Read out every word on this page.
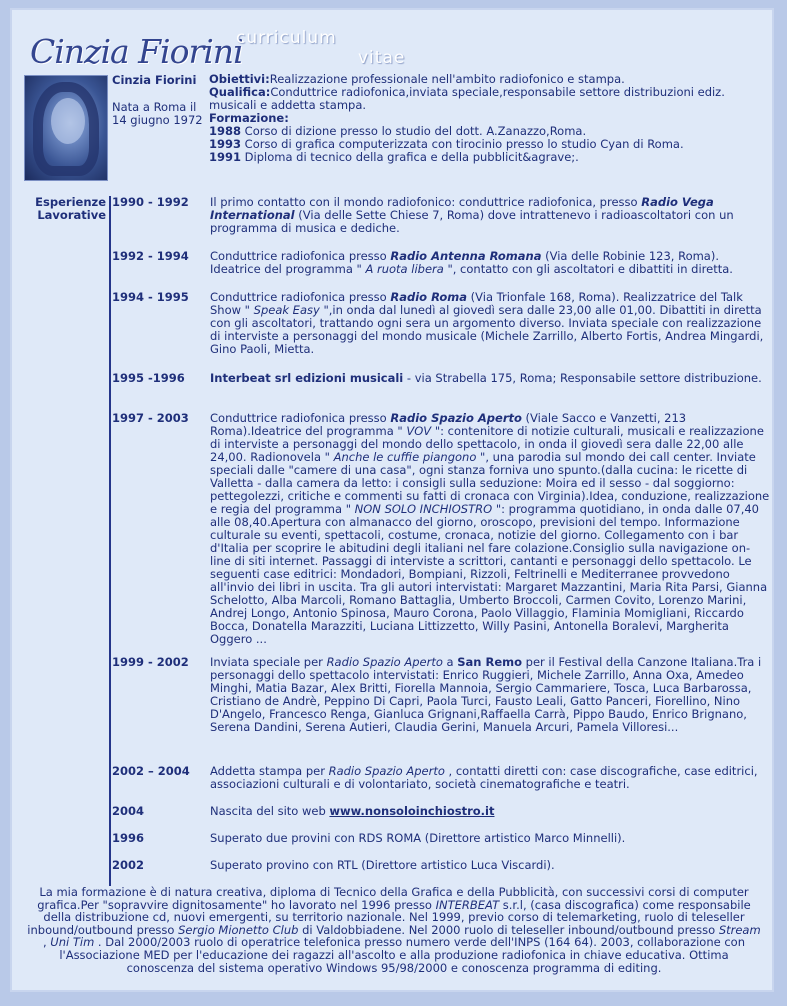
Cinzia Fiorini
curriculum
vitae
Cinzia Fiorini
Nata a Roma il 14 giugno 1972
Obiettivi:Realizzazione professionale nell'ambito radiofonico e stampa.
Qualifica:Conduttrice radiofonica,inviata speciale,responsabile settore distribuzioni ediz. musicali e addetta stampa.
Formazione:
1988 Corso di dizione presso lo studio del dott. A.Zanazzo,Roma.
1993 Corso di grafica computerizzata con tirocinio presso lo studio Cyan di Roma.
1991 Diploma di tecnico della grafica e della pubblicit&agrave;.
Esperienze Lavorative
1990 - 1992	Il primo contatto con il mondo radiofonico: conduttrice radiofonica, presso Radio Vega International (Via delle Sette Chiese 7, Roma) dove intrattenevo i radioascoltatori con un programma di musica e dediche.
1992 - 1994	Conduttrice radiofonica presso Radio Antenna Romana (Via delle Robinie 123, Roma). Ideatrice del programma " A ruota libera ", contatto con gli ascoltatori e dibattiti in diretta.
1994 - 1995	Conduttrice radiofonica presso Radio Roma (Via Trionfale 168, Roma). Realizzatrice del Talk Show " Speak Easy ",in onda dal lunedì al giovedì sera dalle 23,00 alle 01,00. Dibattiti in diretta con gli ascoltatori, trattando ogni sera un argomento diverso. Inviata speciale con realizzazione di interviste a personaggi del mondo musicale (Michele Zarrillo, Alberto Fortis, Andrea Mingardi, Gino Paoli, Mietta.
1995 -1996	Interbeat srl edizioni musicali - via Strabella 175, Roma; Responsabile settore distribuzione.
1997 - 2003	Conduttrice radiofonica presso Radio Spazio Aperto (Viale Sacco e Vanzetti, 213 Roma).Ideatrice del programma " VOV ": contenitore di notizie culturali, musicali e realizzazione di interviste a personaggi del mondo dello spettacolo, in onda il giovedì sera dalle 22,00 alle 24,00. Radionovela " Anche le cuffie piangono ", una parodia sul mondo dei call center. Inviate speciali dalle "camere di una casa", ogni stanza forniva uno spunto.(dalla cucina: le ricette di Valletta - dalla camera da letto: i consigli sulla seduzione: Moira ed il sesso - dal soggiorno: pettegolezzi, critiche e commenti su fatti di cronaca con Virginia).Idea, conduzione, realizzazione e regia del programma " NON SOLO INCHIOSTRO ": programma quotidiano, in onda dalle 07,40 alle 08,40.Apertura con almanacco del giorno, oroscopo, previsioni del tempo. Informazione culturale su eventi, spettacoli, costume, cronaca, notizie del giorno. Collegamento con i bar d'Italia per scoprire le abitudini degli italiani nel fare colazione.Consiglio sulla navigazione on-line di siti internet. Passaggi di interviste a scrittori, cantanti e personaggi dello spettacolo. Le seguenti case editrici: Mondadori, Bompiani, Rizzoli, Feltrinelli e Mediterranee provvedono all'invio dei libri in uscita. Tra gli autori intervistati: Margaret Mazzantini, Maria Rita Parsi, Gianna Schelotto, Alba Marcoli, Romano Battaglia, Umberto Broccoli, Carmen Covito, Lorenzo Marini, Andrej Longo, Antonio Spinosa, Mauro Corona, Paolo Villaggio, Flaminia Momigliani, Riccardo Bocca, Donatella Marazziti, Luciana Littizzetto, Willy Pasini, Antonella Boralevi, Margherita Oggero ...
1999 - 2002	Inviata speciale per Radio Spazio Aperto a San Remo per il Festival della Canzone Italiana.Tra i personaggi dello spettacolo intervistati: Enrico Ruggieri, Michele Zarrillo, Anna Oxa, Amedeo Minghi, Matia Bazar, Alex Britti, Fiorella Mannoia, Sergio Cammariere, Tosca, Luca Barbarossa, Cristiano de Andrè, Peppino Di Capri, Paola Turci, Fausto Leali, Gatto Panceri, Fiorellino, Nino D'Angelo, Francesco Renga, Gianluca Grignani,Raffaella Carrà, Pippo Baudo, Enrico Brignano, Serena Dandini, Serena Autieri, Claudia Gerini, Manuela Arcuri, Pamela Villoresi...
2002 – 2004	Addetta stampa per Radio Spazio Aperto , contatti diretti con: case discografiche, case editrici, associazioni culturali e di volontariato, società cinematografiche e teatri.
2004	Nascita del sito web www.nonsoloinchiostro.it
1996	Superato due provini con RDS ROMA (Direttore artistico Marco Minnelli).
2002	Superato provino con RTL (Direttore artistico Luca Viscardi).
La mia formazione è di natura creativa, diploma di Tecnico della Grafica e della Pubblicità, con successivi corsi di computer grafica.Per "sopravvire dignitosamente" ho lavorato nel 1996 presso INTERBEAT s.r.l, (casa discografica) come responsabile della distribuzione cd, nuovi emergenti, su territorio nazionale. Nel 1999, previo corso di telemarketing, ruolo di teleseller inbound/outbound presso Sergio Mionetto Club di Valdobbiadene. Nel 2000 ruolo di teleseller inbound/outbound presso Stream , Uni Tim . Dal 2000/2003 ruolo di operatrice telefonica presso numero verde dell'INPS (164 64). 2003, collaborazione con l'Associazione MED per l'educazione dei ragazzi all'ascolto e alla produzione radiofonica in chiave educativa. Ottima conoscenza del sistema operativo Windows 95/98/2000 e conoscenza programma di editing.
